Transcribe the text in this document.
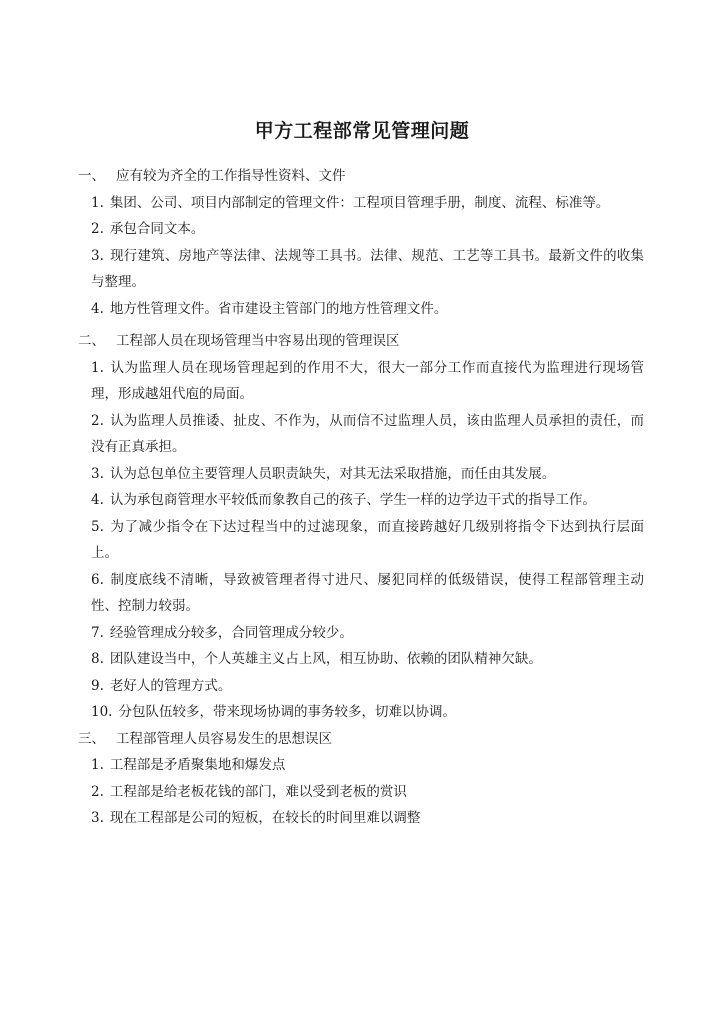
甲方工程部常见管理问题

一、 应有较为齐全的工作指导性资料、文件

1. 集团、公司、项目内部制定的管理文件：工程项目管理手册，制度、流程、标准等。

2. 承包合同文本。

3. 现行建筑、房地产等法律、法规等工具书。法律、规范、工艺等工具书。最新文件的收集与整理。

4. 地方性管理文件。省市建设主管部门的地方性管理文件。

二、 工程部人员在现场管理当中容易出现的管理误区

1. 认为监理人员在现场管理起到的作用不大，很大一部分工作而直接代为监理进行现场管理，形成越俎代庖的局面。

2. 认为监理人员推诿、扯皮、不作为，从而信不过监理人员，该由监理人员承担的责任，而没有正真承担。

3. 认为总包单位主要管理人员职责缺失，对其无法采取措施，而任由其发展。

4. 认为承包商管理水平较低而象教自己的孩子、学生一样的边学边干式的指导工作。

5. 为了减少指令在下达过程当中的过滤现象，而直接跨越好几级别将指令下达到执行层面上。

6. 制度底线不清晰，导致被管理者得寸进尺、屡犯同样的低级错误，使得工程部管理主动性、控制力较弱。

7. 经验管理成分较多，合同管理成分较少。

8. 团队建设当中，个人英雄主义占上风，相互协助、依赖的团队精神欠缺。

9. 老好人的管理方式。

10. 分包队伍较多，带来现场协调的事务较多，切难以协调。

三、 工程部管理人员容易发生的思想误区

1. 工程部是矛盾聚集地和爆发点

2. 工程部是给老板花钱的部门，难以受到老板的赏识

3. 现在工程部是公司的短板，在较长的时间里难以调整
